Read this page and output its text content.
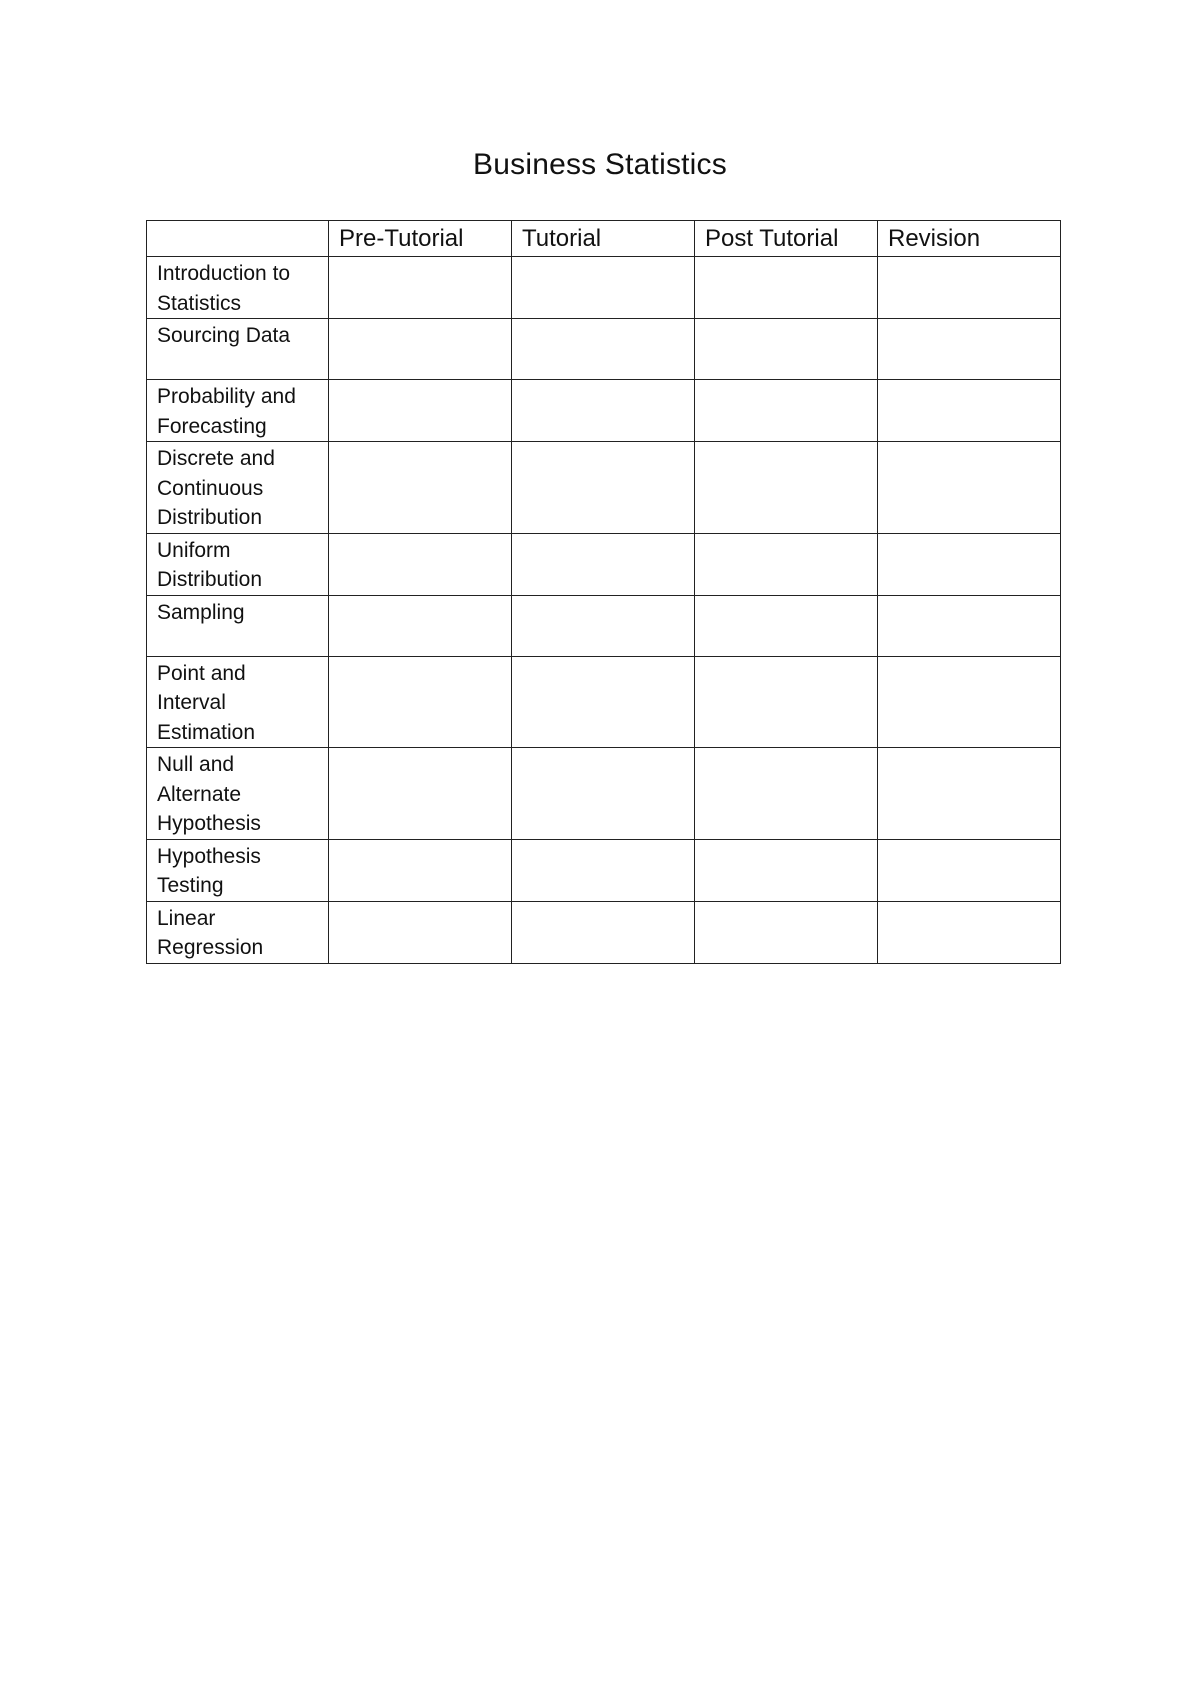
Business Statistics
	Pre-Tutorial	Tutorial	Post Tutorial	Revision
Introduction to Statistics				
Sourcing Data				
Probability and Forecasting				
Discrete and Continuous Distribution				
Uniform Distribution				
Sampling				
Point and Interval Estimation				
Null and Alternate Hypothesis				
Hypothesis Testing				
Linear Regression				
